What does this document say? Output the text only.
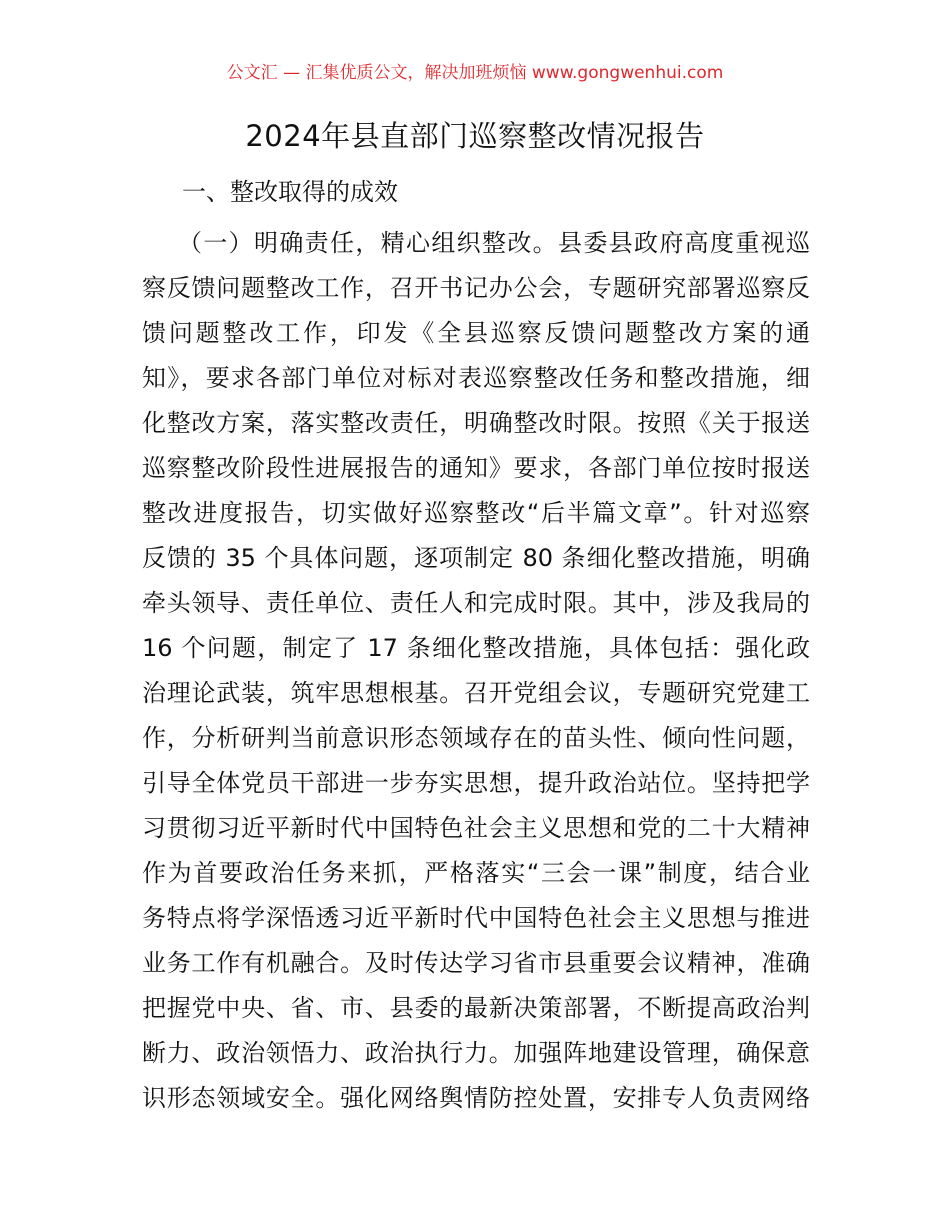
公文汇 — 汇集优质公文，解决加班烦恼 www.gongwenhui.com
2024年县直部门巡察整改情况报告
一、整改取得的成效
（一）明确责任，精心组织整改。县委县政府高度重视巡
察反馈问题整改工作，召开书记办公会，专题研究部署巡察反
馈问题整改工作，印发《全县巡察反馈问题整改方案的通
知》，要求各部门单位对标对表巡察整改任务和整改措施，细
化整改方案，落实整改责任，明确整改时限。按照《关于报送
巡察整改阶段性进展报告的通知》要求，各部门单位按时报送
整改进度报告，切实做好巡察整改“后半篇文章”。针对巡察
反馈的 35 个具体问题，逐项制定 80 条细化整改措施，明确
牵头领导、责任单位、责任人和完成时限。其中，涉及我局的
16 个问题，制定了 17 条细化整改措施，具体包括：强化政
治理论武装，筑牢思想根基。召开党组会议，专题研究党建工
作，分析研判当前意识形态领域存在的苗头性、倾向性问题，
引导全体党员干部进一步夯实思想，提升政治站位。坚持把学
习贯彻习近平新时代中国特色社会主义思想和党的二十大精神
作为首要政治任务来抓，严格落实“三会一课”制度，结合业
务特点将学深悟透习近平新时代中国特色社会主义思想与推进
业务工作有机融合。及时传达学习省市县重要会议精神，准确
把握党中央、省、市、县委的最新决策部署，不断提高政治判
断力、政治领悟力、政治执行力。加强阵地建设管理，确保意
识形态领域安全。强化网络舆情防控处置，安排专人负责网络
